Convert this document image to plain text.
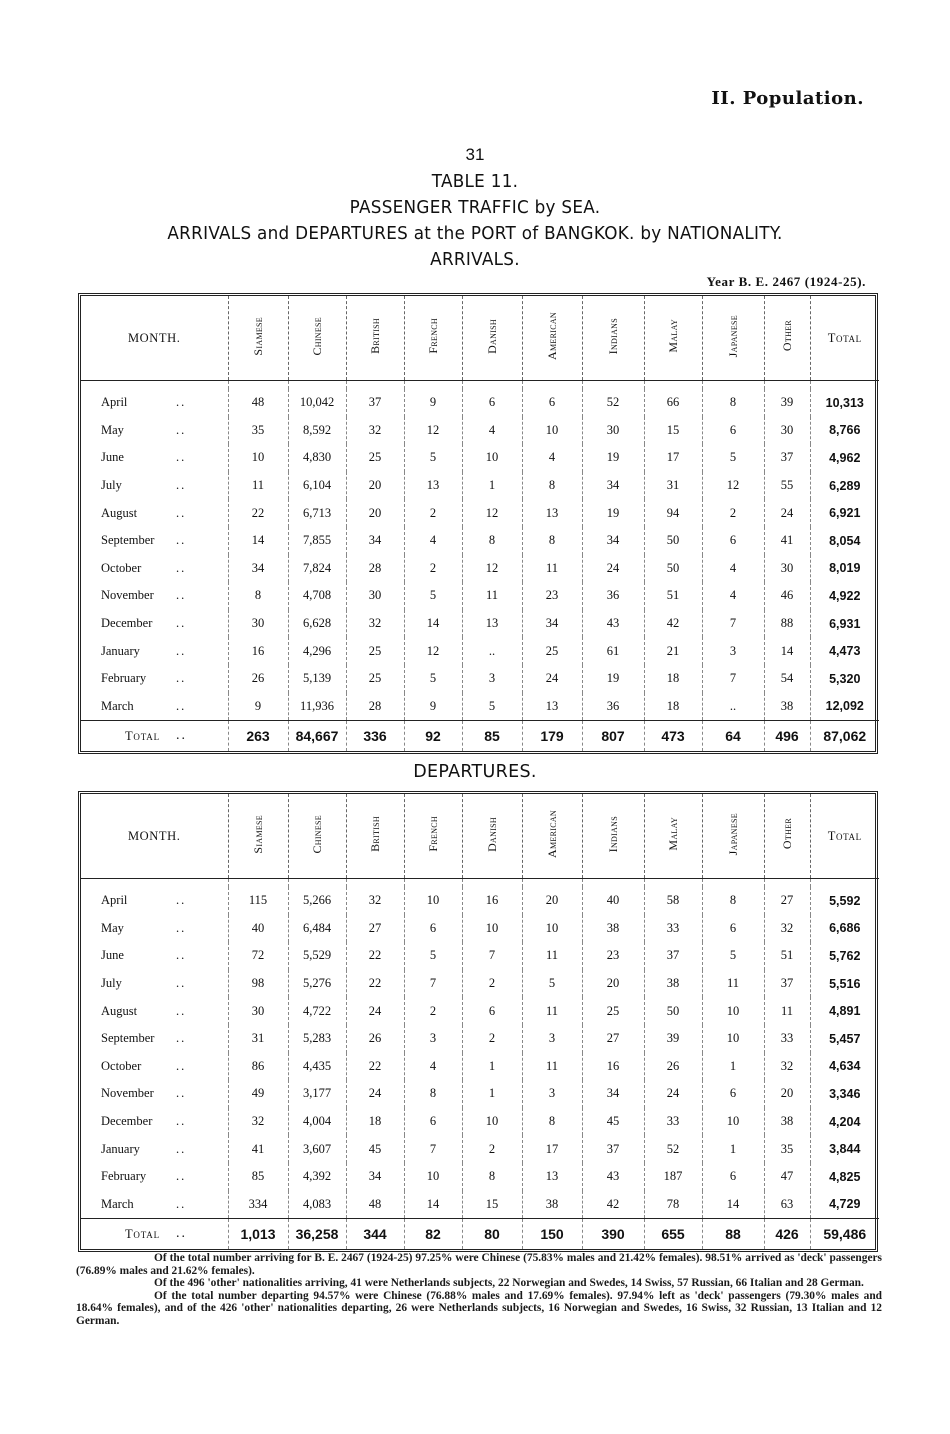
II. Population.
31
TABLE 11.
PASSENGER TRAFFIC by SEA.
ARRIVALS and DEPARTURES at the PORT of BANGKOK. by NATIONALITY.
ARRIVALS.
Year B. E. 2467 (1924-25).
MONTH.		Siamese	Chinese	British	French	Danish	American	Indians	Malay	Japanese	Other	Total

April	..	48	10,042	37	9	6	6	52	66	8	39	10,313
May	..	35	8,592	32	12	4	10	30	15	6	30	8,766
June	..	10	4,830	25	5	10	4	19	17	5	37	4,962
July	..	11	6,104	20	13	1	8	34	31	12	55	6,289
August	..	22	6,713	20	2	12	13	19	94	2	24	6,921
September	..	14	7,855	34	4	8	8	34	50	6	41	8,054
October	..	34	7,824	28	2	12	11	24	50	4	30	8,019
November	..	8	4,708	30	5	11	23	36	51	4	46	4,922
December	..	30	6,628	32	14	13	34	43	42	7	88	6,931
January	..	16	4,296	25	12	..	25	61	21	3	14	4,473
February	..	26	5,139	25	5	3	24	19	18	7	54	5,320
March	..	9	11,936	28	9	5	13	36	18	..	38	12,092
Total	..	263	84,667	336	92	85	179	807	473	64	496	87,062
DEPARTURES.
MONTH.		Siamese	Chinese	British	French	Danish	American	Indians	Malay	Japanese	Other	Total

April	..	115	5,266	32	10	16	20	40	58	8	27	5,592
May	..	40	6,484	27	6	10	10	38	33	6	32	6,686
June	..	72	5,529	22	5	7	11	23	37	5	51	5,762
July	..	98	5,276	22	7	2	5	20	38	11	37	5,516
August	..	30	4,722	24	2	6	11	25	50	10	11	4,891
September	..	31	5,283	26	3	2	3	27	39	10	33	5,457
October	..	86	4,435	22	4	1	11	16	26	1	32	4,634
November	..	49	3,177	24	8	1	3	34	24	6	20	3,346
December	..	32	4,004	18	6	10	8	45	33	10	38	4,204
January	..	41	3,607	45	7	2	17	37	52	1	35	3,844
February	..	85	4,392	34	10	8	13	43	187	6	47	4,825
March	..	334	4,083	48	14	15	38	42	78	14	63	4,729
Total	..	1,013	36,258	344	82	80	150	390	655	88	426	59,486

Of the total number arriving for B. E. 2467 (1924-25) 97.25% were Chinese (75.83% males and 21.42% females). 98.51% arrived as 'deck' passengers (76.89% males and 21.62% females).

Of the 496 'other' nationalities arriving, 41 were Netherlands subjects, 22 Norwegian and Swedes, 14 Swiss, 57 Russian, 66 Italian and 28 German.

Of the total number departing 94.57% were Chinese (76.88% males and 17.69% females). 97.94% left as 'deck' passengers (79.30% males and 18.64% females), and of the 426 'other' nationalities departing, 26 were Netherlands subjects, 16 Norwegian and Swedes, 16 Swiss, 32 Russian, 13 Italian and 12 German.
